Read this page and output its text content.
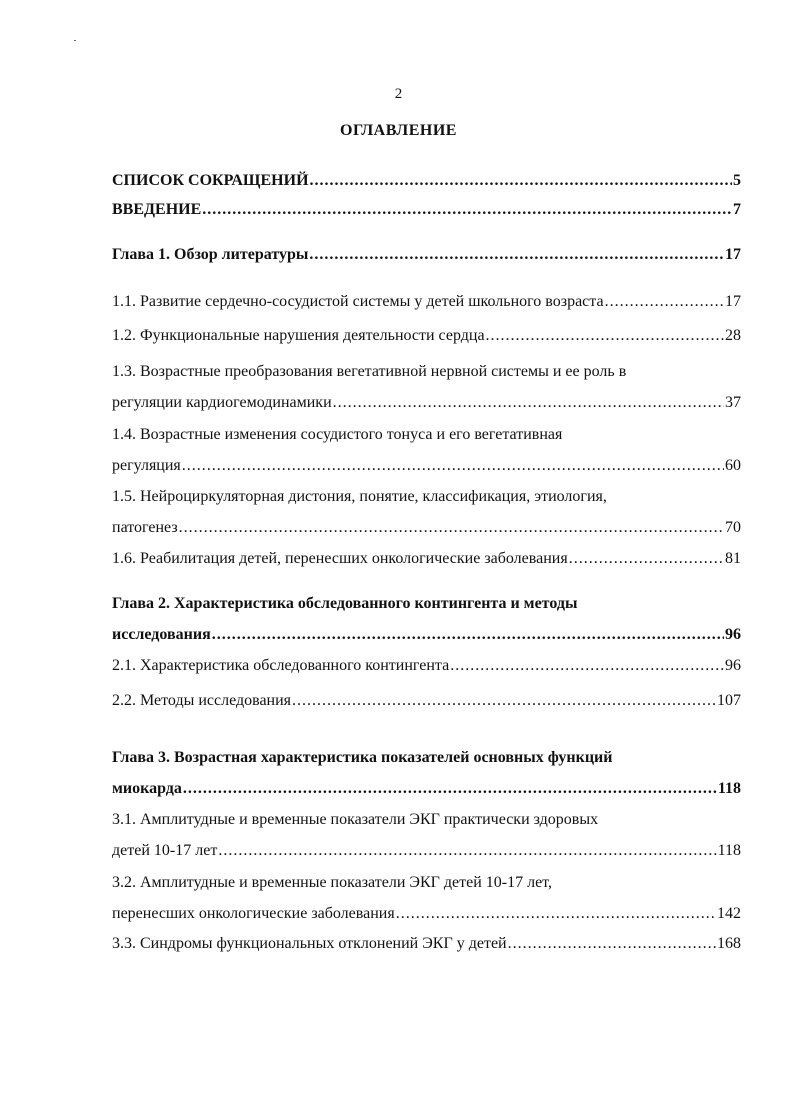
2
ОГЛАВЛЕНИЕ
СПИСОК СОКРАЩЕНИЙ .....	5
ВВЕДЕНИЕ .....	7
Глава 1. Обзор литературы .....	17
1.1. Развитие сердечно-сосудистой системы у детей школьного возраста .....	17
1.2. Функциональные нарушения деятельности сердца .....	28
1.3. Возрастные преобразования вегетативной нервной системы и ее роль в
регуляции кардиогемодинамики .....	37
1.4. Возрастные изменения сосудистого тонуса и его вегетативная
регуляция .....	60
1.5. Нейроциркуляторная дистония, понятие, классификация, этиология,
патогенез .....	70
1.6. Реабилитация детей, перенесших онкологические заболевания .....	81
Глава 2. Характеристика обследованного контингента и методы
исследования .....	96
2.1. Характеристика обследованного контингента .....	96
2.2. Методы исследования .....	107
Глава 3. Возрастная характеристика показателей основных функций
миокарда .....	118
3.1. Амплитудные и временные показатели ЭКГ практически здоровых
детей 10-17 лет .....	118
3.2. Амплитудные и временные показатели ЭКГ детей 10-17 лет,
перенесших онкологические заболевания .....	142
3.3. Синдромы функциональных отклонений ЭКГ у детей .....	168
